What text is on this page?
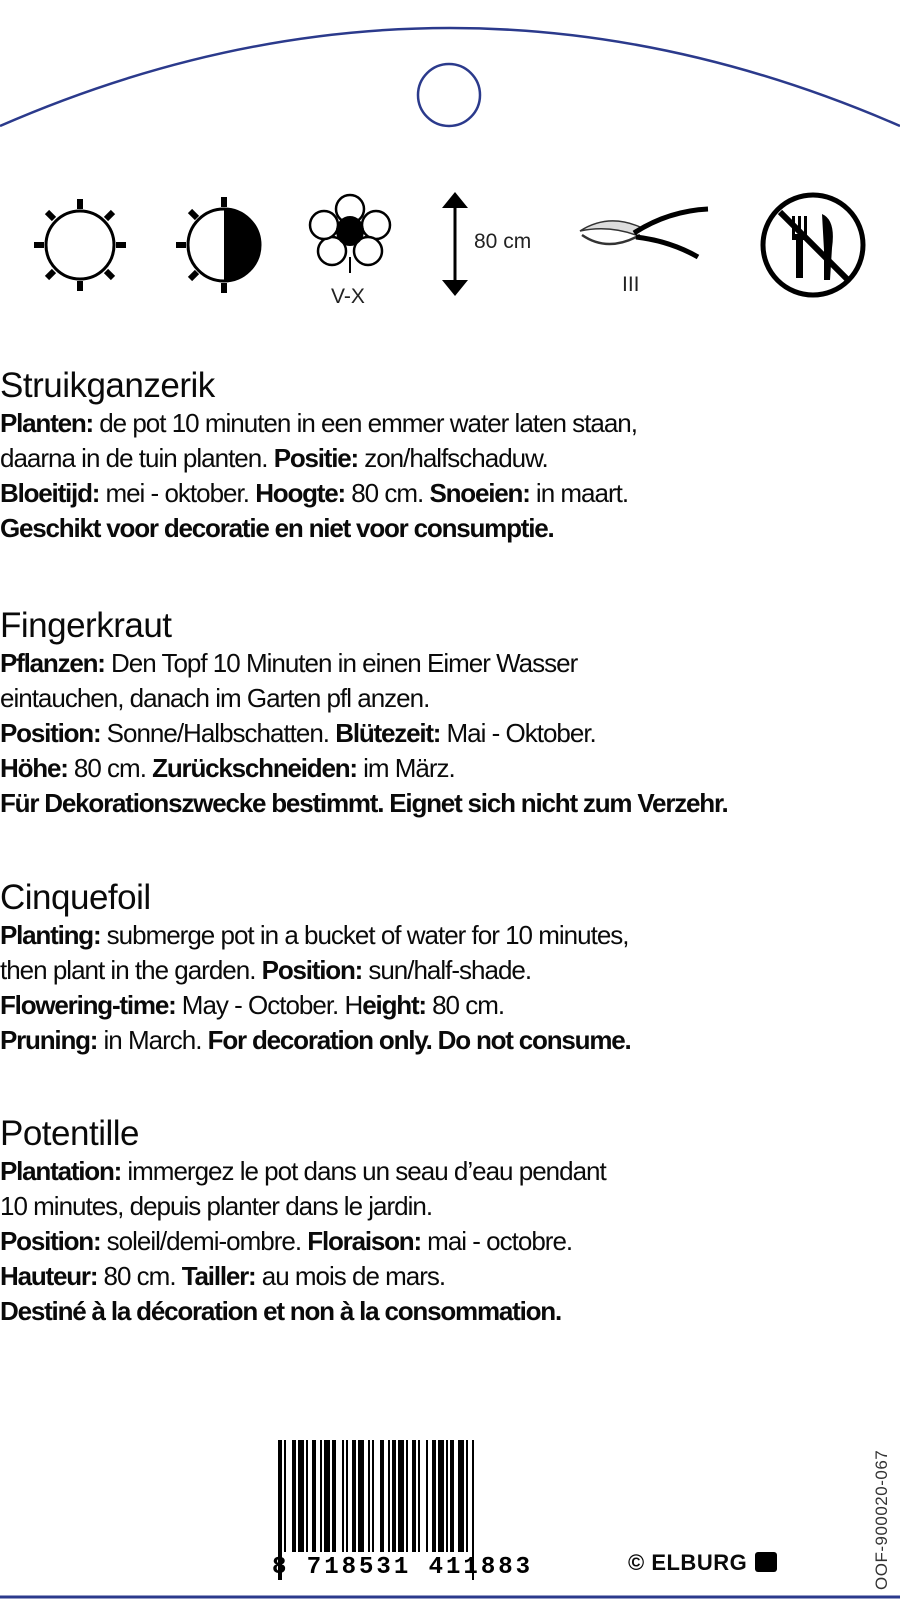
V-X
80 cm
III
Struikganzerik
Planten: de pot 10 minuten in een emmer water laten staan,
daarna in de tuin planten. Positie: zon/halfschaduw.
Bloeitijd: mei - oktober. Hoogte: 80 cm. Snoeien: in maart.
Geschikt voor decoratie en niet voor consumptie.
Fingerkraut
Pflanzen: Den Topf 10 Minuten in einen Eimer Wasser
eintauchen, danach im Garten pfl anzen.
Position: Sonne/Halbschatten. Blütezeit: Mai - Oktober.
Höhe: 80 cm. Zurückschneiden: im März.
Für Dekorationszwecke bestimmt. Eignet sich nicht zum Verzehr.
Cinquefoil
Planting: submerge pot in a bucket of water for 10 minutes,
then plant in the garden. Position: sun/half-shade.
Flowering-time: May - October. Height: 80 cm.
Pruning: in March. For decoration only. Do not consume.
Potentille
Plantation: immergez le pot dans un seau d’eau pendant
10 minutes, depuis planter dans le jardin.
Position: soleil/demi-ombre. Floraison: mai - octobre.
Hauteur: 80 cm. Tailler: au mois de mars.
Destiné à la décoration et non à la consommation.
8 718531 411883	© ELBURG	OOF-900020-067
